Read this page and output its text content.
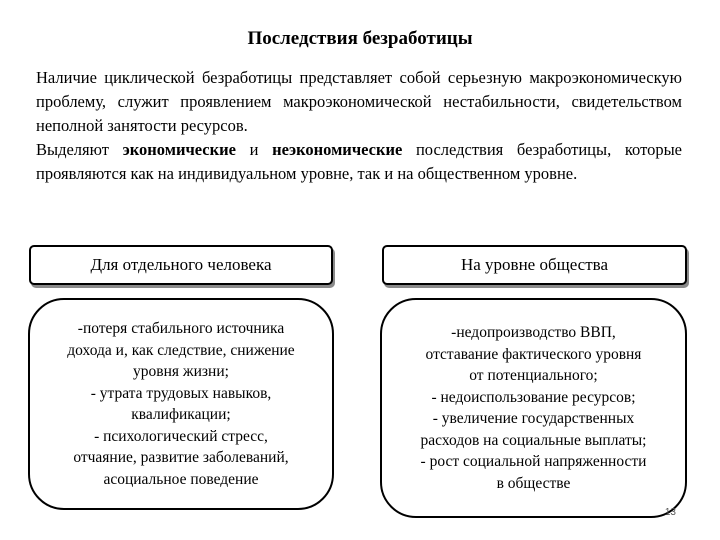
Последствия безработицы

Наличие циклической безработицы представляет собой серьезную макроэкономическую проблему, служит проявлением макроэкономической нестабильности, свидетельством неполной занятости ресурсов.

Выделяют экономические и неэкономические последствия безработицы, которые проявляются как на индивидуальном уровне, так и на общественном уровне.

Для отдельного человека	На уровне общества
-потеря стабильного источника
дохода и, как следствие, снижение
уровня жизни;
- утрата трудовых навыков,
квалификации;
- психологический стресс,
отчаяние, развитие заболеваний,
асоциальное поведение
-недопроизводство ВВП,
отставание фактического уровня
от потенциального;
- недоиспользование ресурсов;
- увеличение государственных
расходов на социальные выплаты;
- рост социальной напряженности
в обществе
13
